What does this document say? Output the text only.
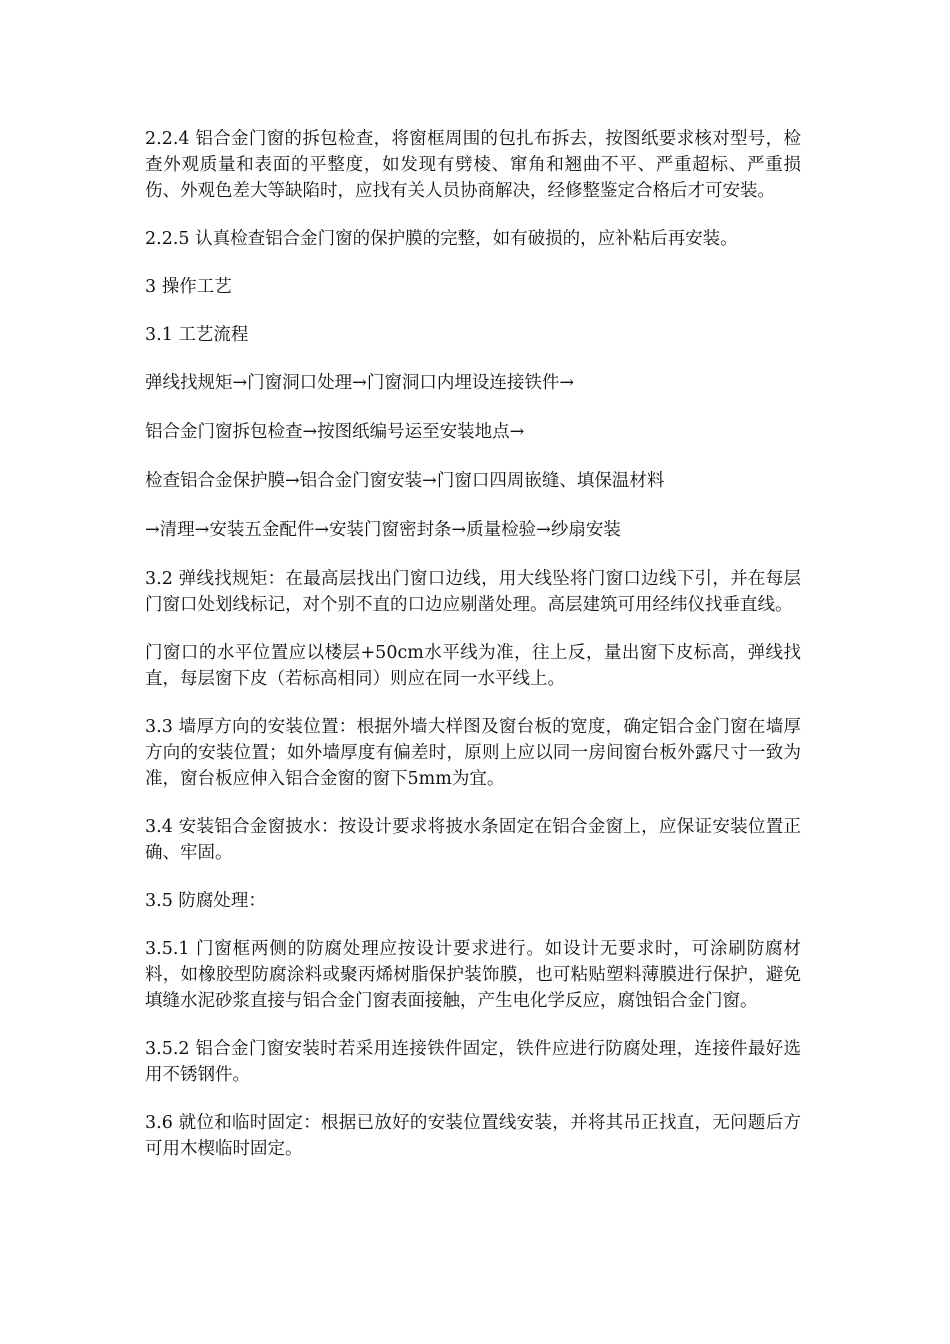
2.2.4 铝合金门窗的拆包检查，将窗框周围的包扎布拆去，按图纸要求核对型号，检查外观质量和表面的平整度，如发现有劈棱、窜角和翘曲不平、严重超标、严重损伤、外观色差大等缺陷时，应找有关人员协商解决，经修整鉴定合格后才可安装。

2.2.5 认真检查铝合金门窗的保护膜的完整，如有破损的，应补粘后再安装。

3 操作工艺

3.1 工艺流程

弹线找规矩→门窗洞口处理→门窗洞口内埋设连接铁件→

铝合金门窗拆包检查→按图纸编号运至安装地点→

检查铝合金保护膜→铝合金门窗安装→门窗口四周嵌缝、填保温材料

→清理→安装五金配件→安装门窗密封条→质量检验→纱扇安装

3.2 弹线找规矩：在最高层找出门窗口边线，用大线坠将门窗口边线下引，并在每层门窗口处划线标记，对个别不直的口边应剔凿处理。高层建筑可用经纬仪找垂直线。

门窗口的水平位置应以楼层+50cm水平线为准，往上反，量出窗下皮标高，弹线找直，每层窗下皮（若标高相同）则应在同一水平线上。

3.3 墙厚方向的安装位置：根据外墙大样图及窗台板的宽度，确定铝合金门窗在墙厚方向的安装位置；如外墙厚度有偏差时，原则上应以同一房间窗台板外露尺寸一致为准，窗台板应伸入铝合金窗的窗下5mm为宜。

3.4 安装铝合金窗披水：按设计要求将披水条固定在铝合金窗上，应保证安装位置正确、牢固。

3.5 防腐处理：

3.5.1 门窗框两侧的防腐处理应按设计要求进行。如设计无要求时，可涂刷防腐材料，如橡胶型防腐涂料或聚丙烯树脂保护装饰膜，也可粘贴塑料薄膜进行保护，避免填缝水泥砂浆直接与铝合金门窗表面接触，产生电化学反应，腐蚀铝合金门窗。

3.5.2 铝合金门窗安装时若采用连接铁件固定，铁件应进行防腐处理，连接件最好选用不锈钢件。

3.6 就位和临时固定：根据已放好的安装位置线安装，并将其吊正找直，无问题后方可用木楔临时固定。
